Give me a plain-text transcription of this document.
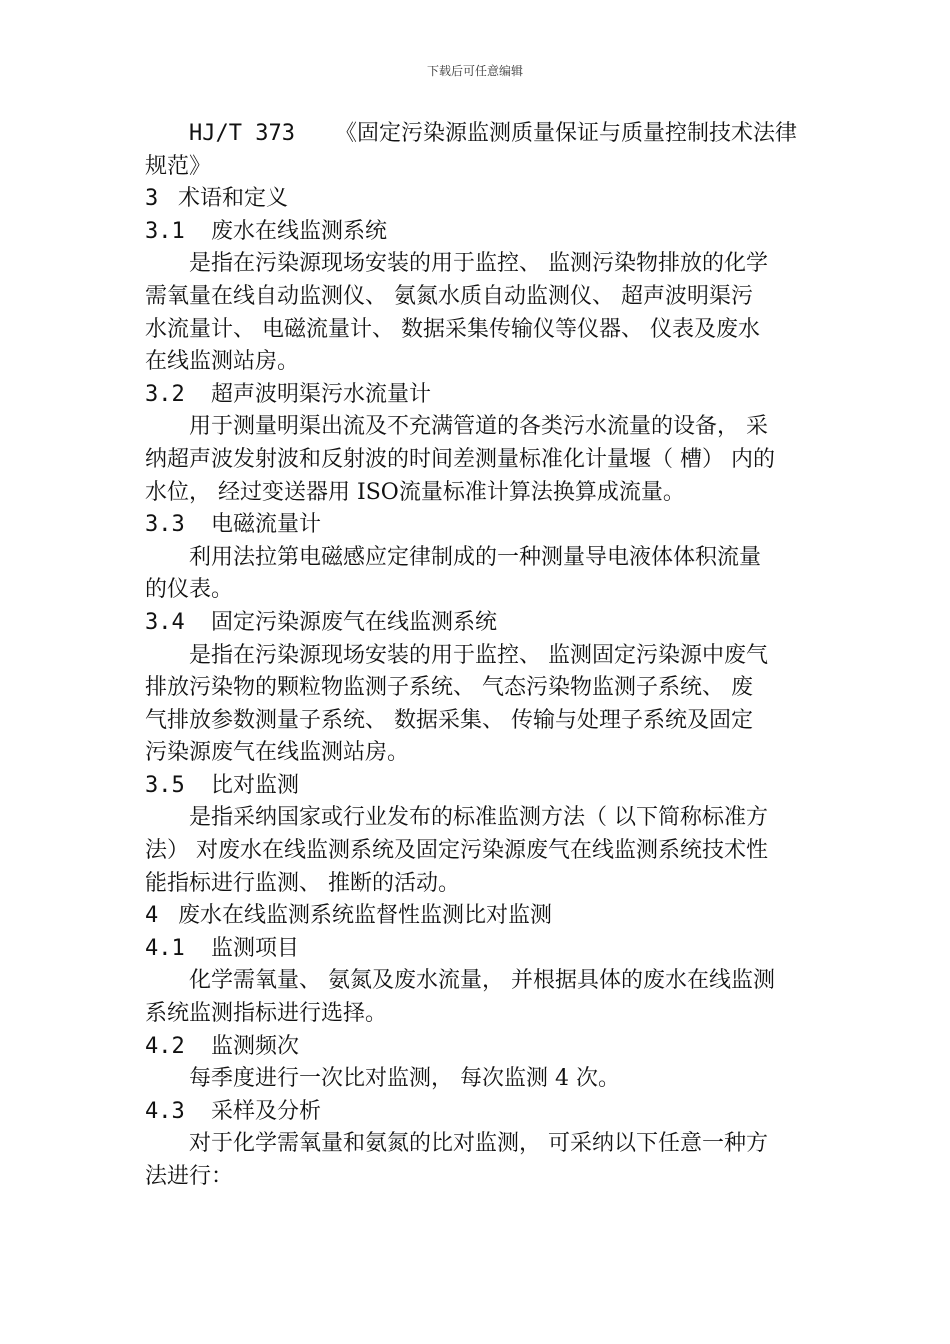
下载后可任意编辑
HJ/T 373 《固定污染源监测质量保证与质量控制技术法律
规范》
3 术语和定义
3.1 废水在线监测系统
是指在污染源现场安装的用于监控、 监测污染物排放的化学
需氧量在线自动监测仪、 氨氮水质自动监测仪、 超声波明渠污
水流量计、 电磁流量计、 数据采集传输仪等仪器、 仪表及废水
在线监测站房。
3.2 超声波明渠污水流量计
用于测量明渠出流及不充满管道的各类污水流量的设备， 采
纳超声波发射波和反射波的时间差测量标准化计量堰（ 槽） 内的
水位， 经过变送器用 ISO流量标准计算法换算成流量。
3.3 电磁流量计
利用法拉第电磁感应定律制成的一种测量导电液体体积流量
的仪表。
3.4 固定污染源废气在线监测系统
是指在污染源现场安装的用于监控、 监测固定污染源中废气
排放污染物的颗粒物监测子系统、 气态污染物监测子系统、 废
气排放参数测量子系统、 数据采集、 传输与处理子系统及固定
污染源废气在线监测站房。
3.5 比对监测
是指采纳国家或行业发布的标准监测方法（ 以下简称标准方
法） 对废水在线监测系统及固定污染源废气在线监测系统技术性
能指标进行监测、 推断的活动。
4 废水在线监测系统监督性监测比对监测
4.1 监测项目
化学需氧量、 氨氮及废水流量， 并根据具体的废水在线监测
系统监测指标进行选择。
4.2 监测频次
每季度进行一次比对监测， 每次监测 4 次。
4.3 采样及分析
对于化学需氧量和氨氮的比对监测， 可采纳以下任意一种方
法进行：
